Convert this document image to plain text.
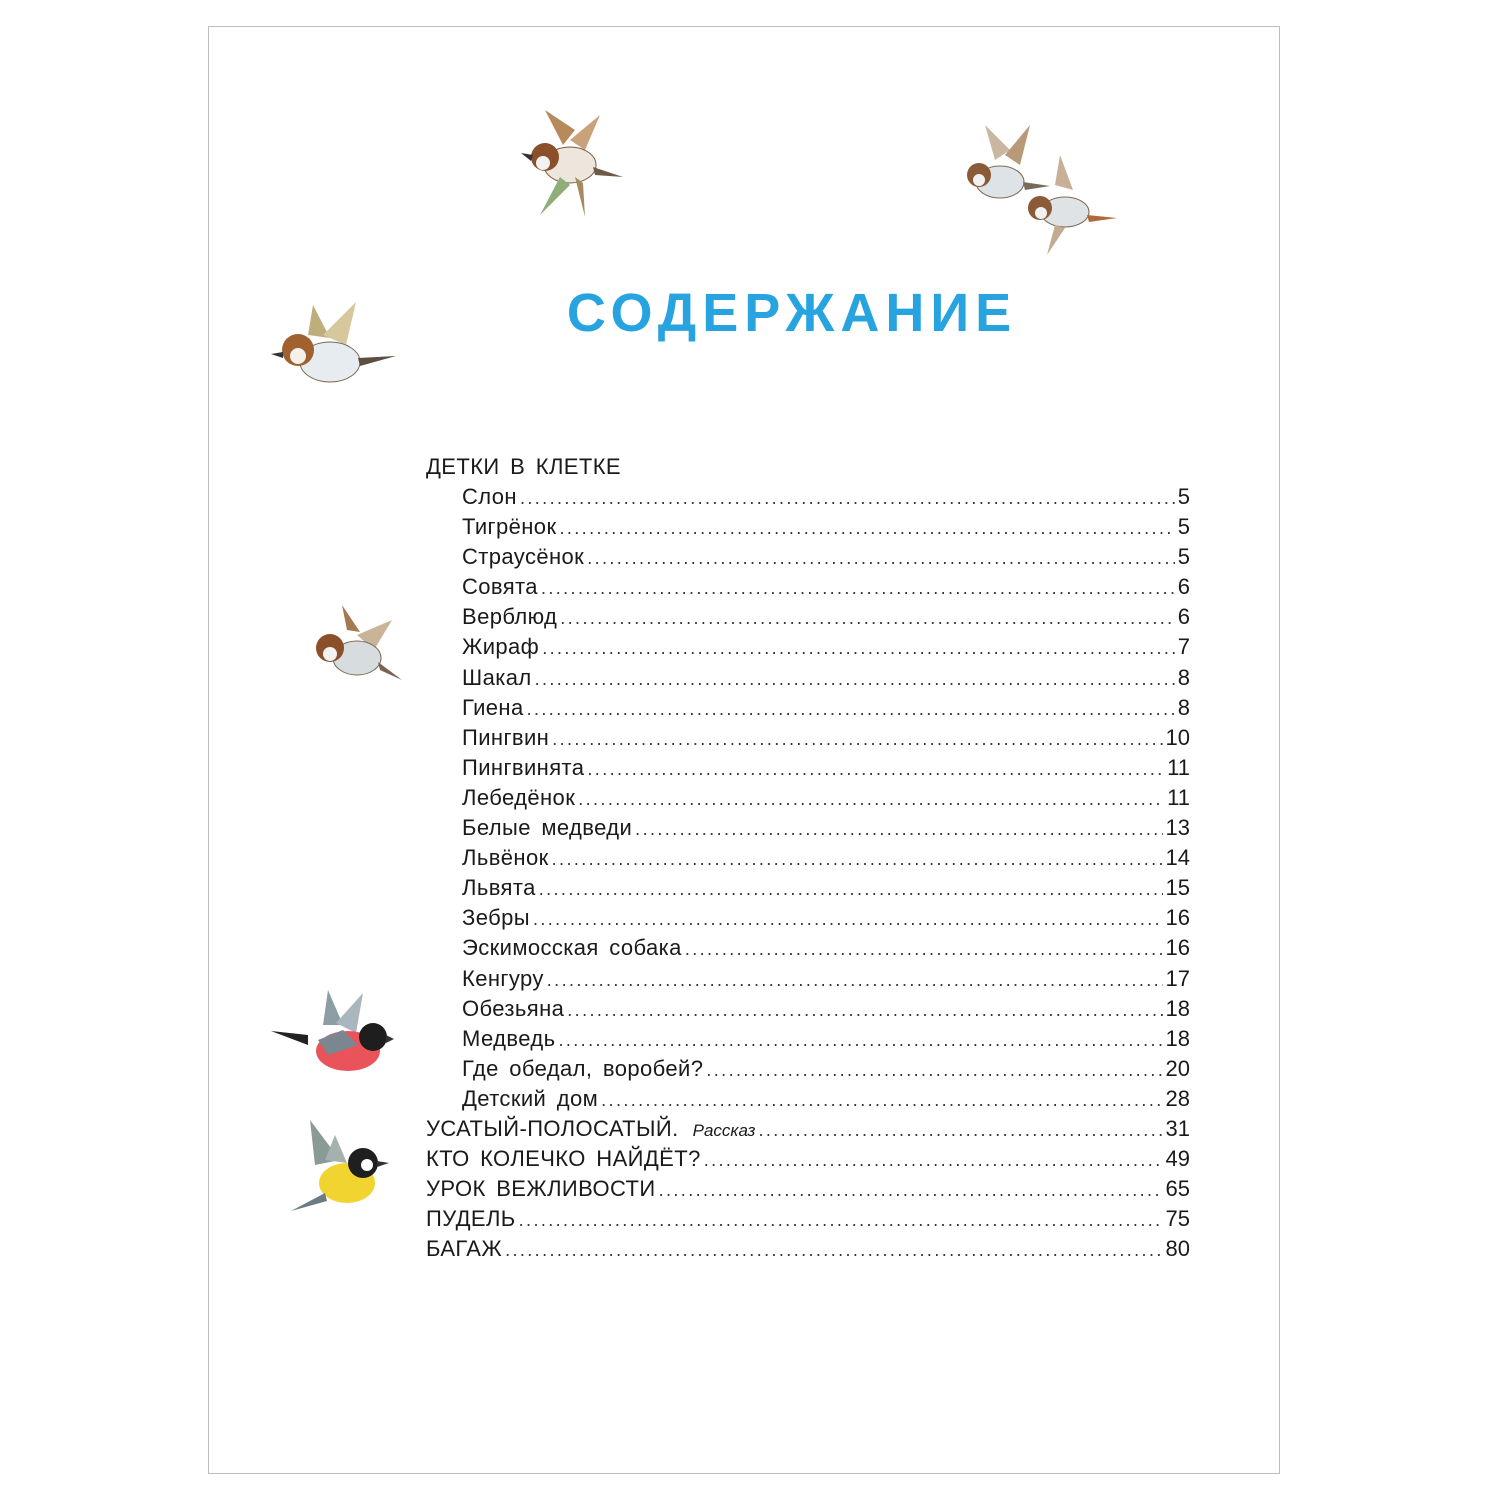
СОДЕРЖАНИЕ
ДЕТКИ В КЛЕТКЕ
Слон .....	5
Тигрёнок .....	5
Страусёнок .....	5
Совята .....	6
Верблюд .....	6
Жираф .....	7
Шакал .....	8
Гиена .....	8
Пингвин .....	10
Пингвинята .....	11
Лебедёнок .....	11
Белые медведи .....	13
Львёнок .....	14
Львята .....	15
Зебры .....	16
Эскимосская собака .....	16
Кенгуру .....	17
Обезьяна .....	18
Медведь .....	18
Где обедал, воробей? .....	20
Детский дом .....	28
УСАТЫЙ-ПОЛОСАТЫЙ. Рассказ .....	31
КТО КОЛЕЧКО НАЙДЁТ? .....	49
УРОК ВЕЖЛИВОСТИ .....	65
ПУДЕЛЬ .....	75
БАГАЖ .....	80
